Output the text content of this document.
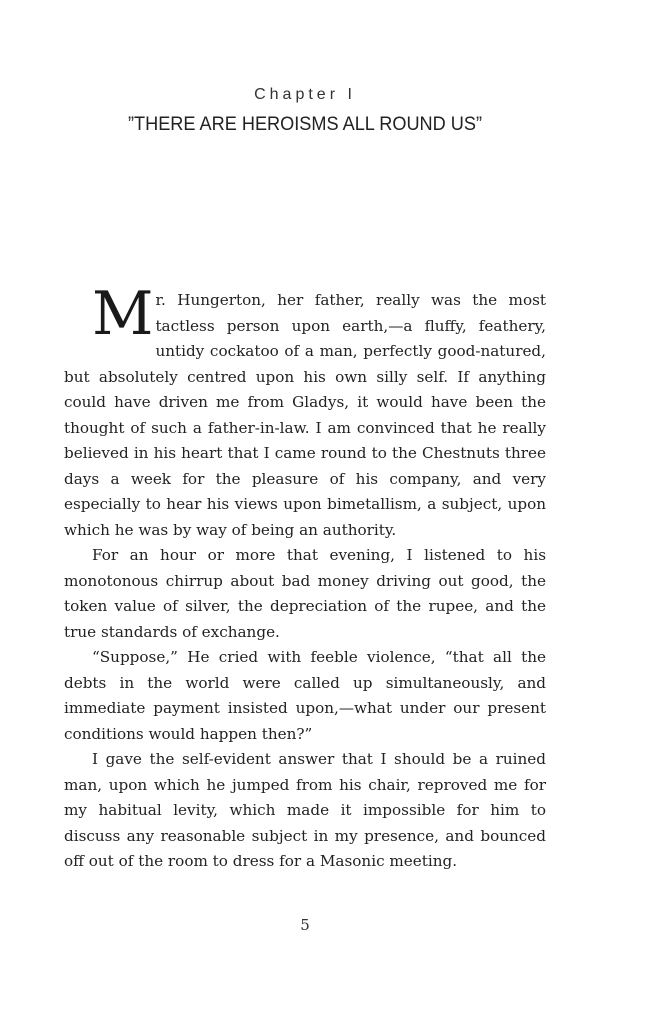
Chapter I
”THERE ARE HEROISMS ALL ROUND US”

Mr. Hungerton, her father, really was the most tactless person upon earth,—a fluffy, feathery, untidy cockatoo of a man, perfectly good-natured, but absolutely centred upon his own silly self. If anything could have driven me from Gladys, it would have been the thought of such a father-in-law. I am convinced that he really believed in his heart that I came round to the Chestnuts three days a week for the pleasure of his company, and very especially to hear his views upon bimetallism, a subject, upon which he was by way of being an authority.

For an hour or more that evening, I listened to his monotonous chirrup about bad money driving out good, the token value of silver, the depreciation of the rupee, and the true standards of exchange.

“Suppose,” He cried with feeble violence, “that all the debts in the world were called up simultaneously, and immediate payment insisted upon,—what under our present conditions would happen then?”

I gave the self-evident answer that I should be a ruined man, upon which he jumped from his chair, reproved me for my habitual levity, which made it impossible for him to discuss any reasonable subject in my presence, and bounced off out of the room to dress for a Masonic meeting.

5
